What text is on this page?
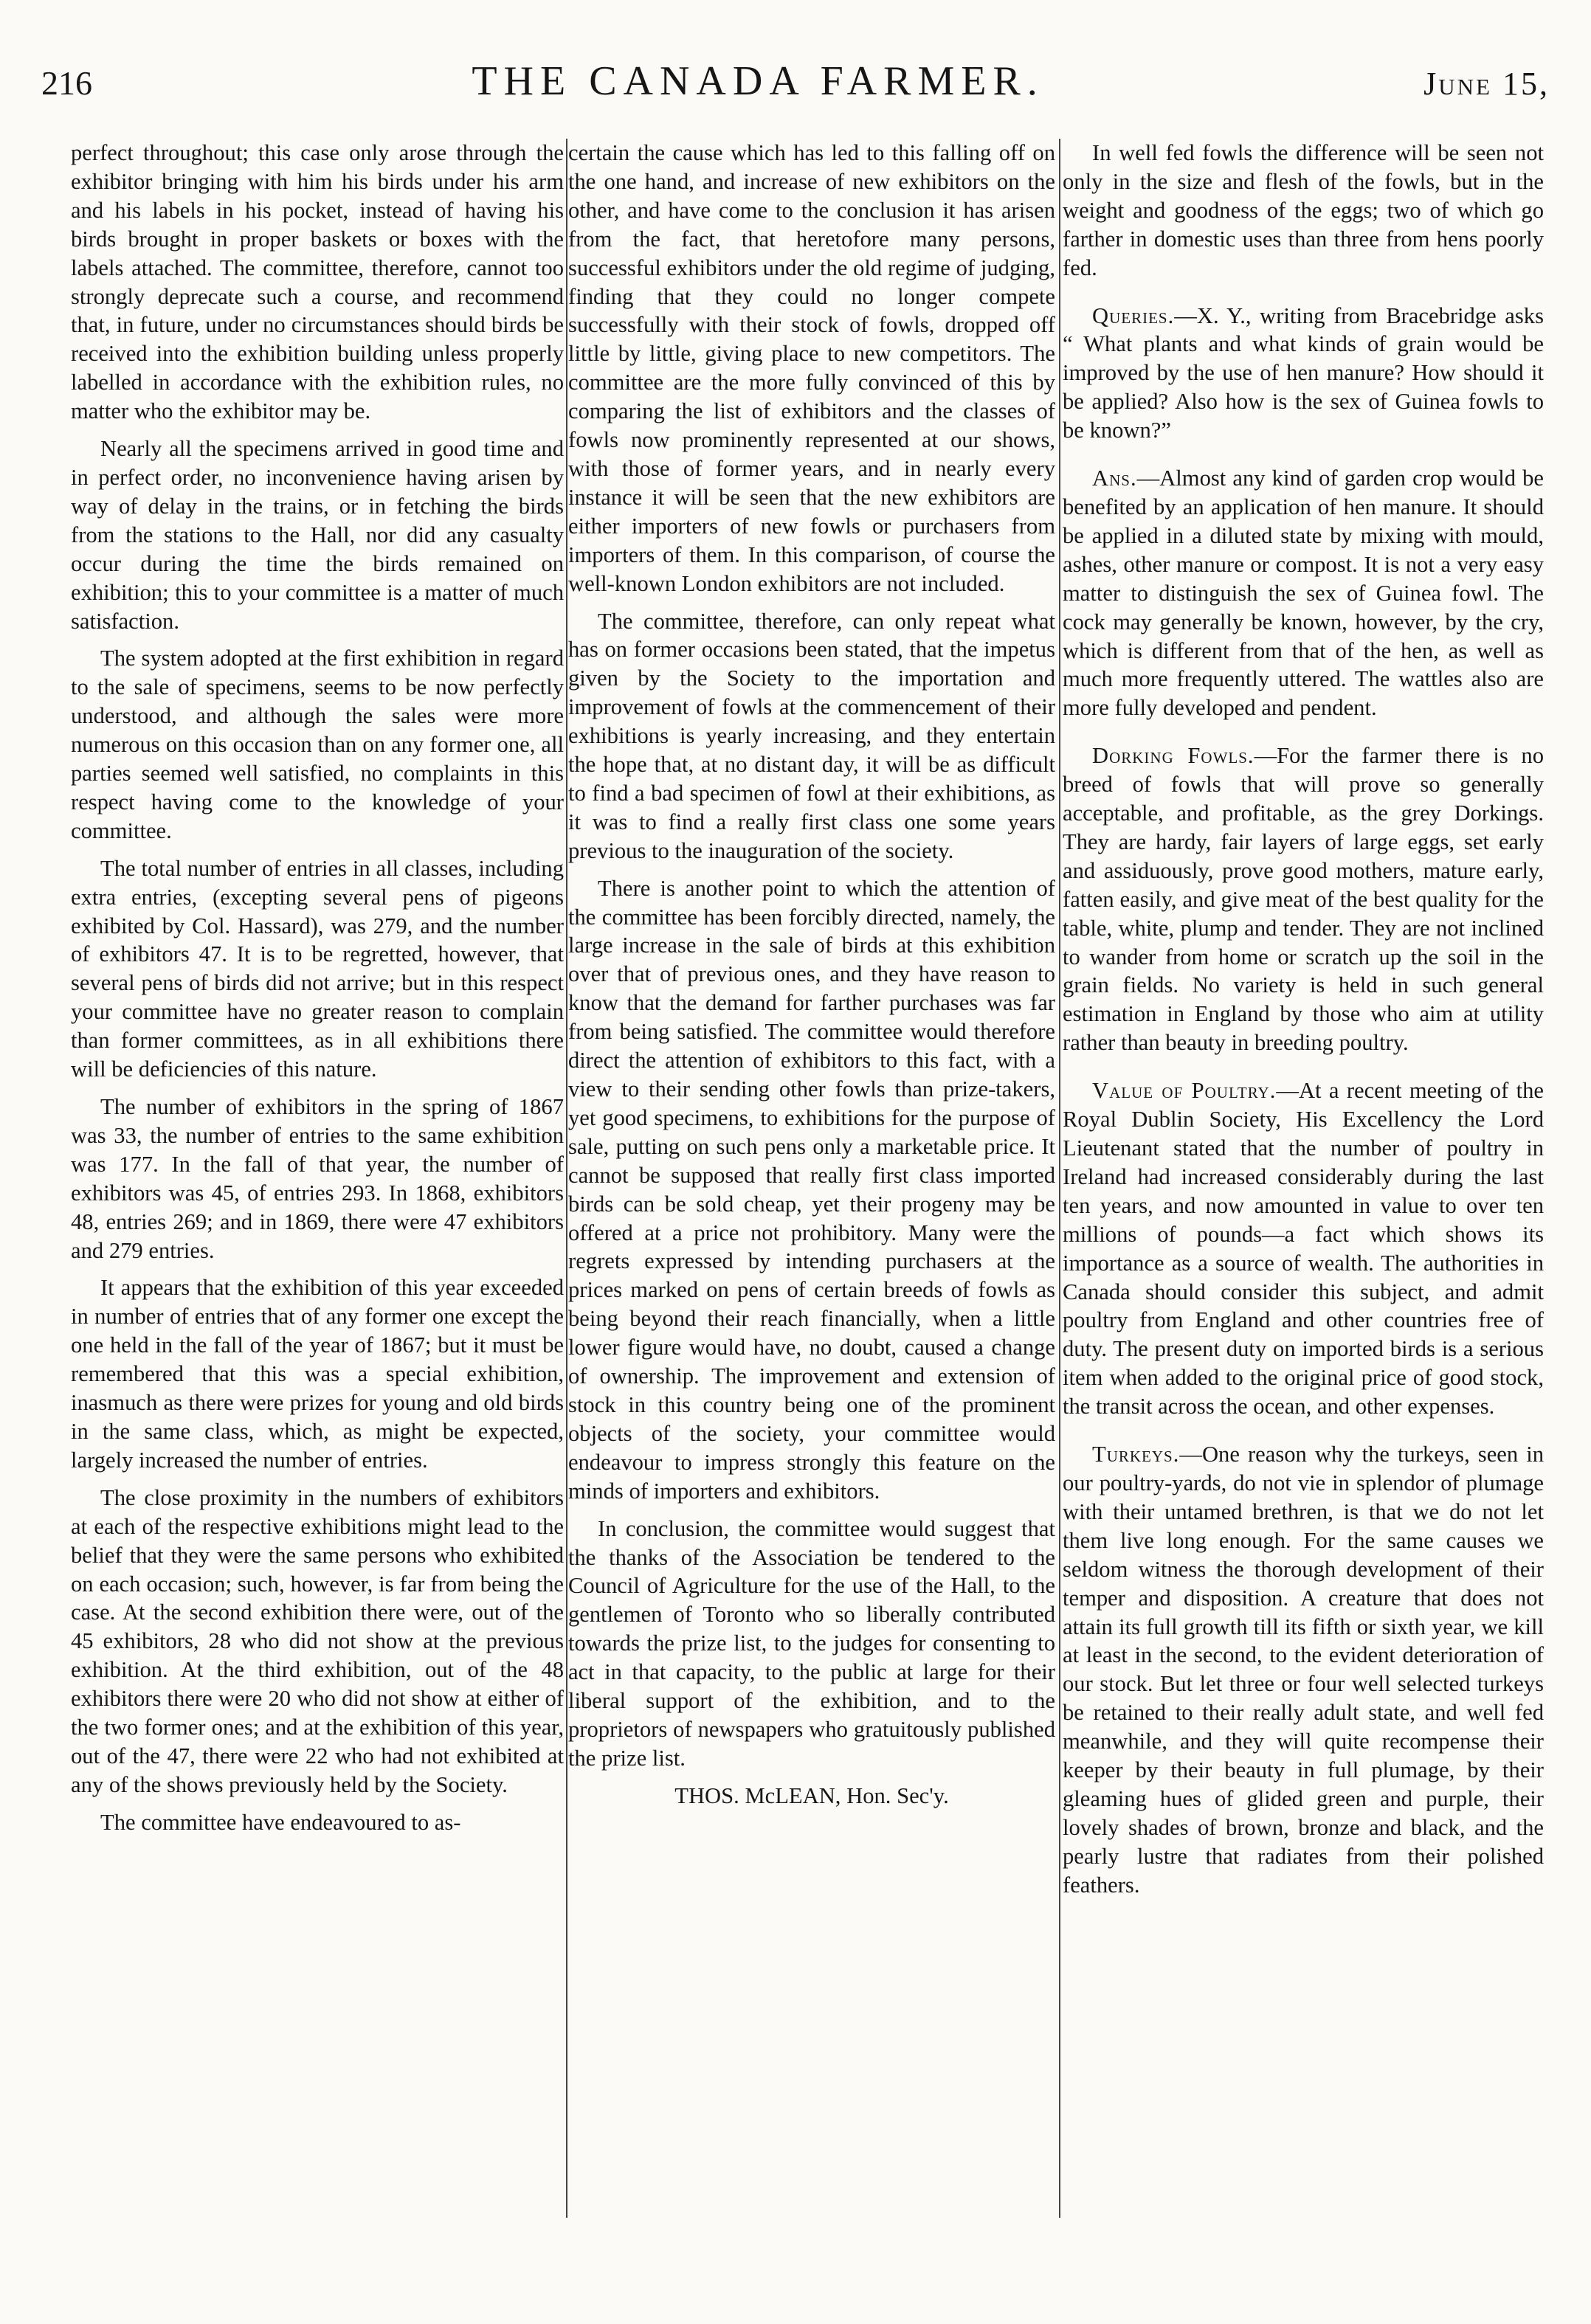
216	THE CANADA FARMER.	June 15,

perfect throughout; this case only arose through the exhibitor bringing with him his birds under his arm and his labels in his pocket, instead of having his birds brought in proper baskets or boxes with the labels attached. The committee, therefore, cannot too strongly deprecate such a course, and recommend that, in future, under no circumstances should birds be received into the exhibition building unless properly labelled in accordance with the exhibition rules, no matter who the exhibitor may be.

Nearly all the specimens arrived in good time and in perfect order, no inconvenience having arisen by way of delay in the trains, or in fetching the birds from the stations to the Hall, nor did any casualty occur during the time the birds remained on exhibition; this to your committee is a matter of much satisfaction.

The system adopted at the first exhibition in regard to the sale of specimens, seems to be now perfectly understood, and although the sales were more numerous on this occasion than on any former one, all parties seemed well satisfied, no complaints in this respect having come to the knowledge of your committee.

The total number of entries in all classes, including extra entries, (excepting several pens of pigeons exhibited by Col. Hassard), was 279, and the number of exhibitors 47. It is to be regretted, however, that several pens of birds did not arrive; but in this respect your committee have no greater reason to complain than former committees, as in all exhibitions there will be deficiencies of this nature.

The number of exhibitors in the spring of 1867 was 33, the number of entries to the same exhibition was 177. In the fall of that year, the number of exhibitors was 45, of entries 293. In 1868, exhibitors 48, entries 269; and in 1869, there were 47 exhibitors and 279 entries.

It appears that the exhibition of this year exceeded in number of entries that of any former one except the one held in the fall of the year of 1867; but it must be remembered that this was a special exhibition, inasmuch as there were prizes for young and old birds in the same class, which, as might be expected, largely increased the number of entries.

The close proximity in the numbers of exhibitors at each of the respective exhibitions might lead to the belief that they were the same persons who exhibited on each occasion; such, however, is far from being the case. At the second exhibition there were, out of the 45 exhibitors, 28 who did not show at the previous exhibition. At the third exhibition, out of the 48 exhibitors there were 20 who did not show at either of the two former ones; and at the exhibition of this year, out of the 47, there were 22 who had not exhibited at any of the shows previously held by the Society.

The committee have endeavoured to as-

certain the cause which has led to this falling off on the one hand, and increase of new exhibitors on the other, and have come to the conclusion it has arisen from the fact, that heretofore many persons, successful exhibitors under the old regime of judging, finding that they could no longer compete successfully with their stock of fowls, dropped off little by little, giving place to new competitors. The committee are the more fully convinced of this by comparing the list of exhibitors and the classes of fowls now prominently represented at our shows, with those of former years, and in nearly every instance it will be seen that the new exhibitors are either importers of new fowls or purchasers from importers of them. In this comparison, of course the well-known London exhibitors are not included.

The committee, therefore, can only repeat what has on former occasions been stated, that the impetus given by the Society to the importation and improvement of fowls at the commencement of their exhibitions is yearly increasing, and they entertain the hope that, at no distant day, it will be as difficult to find a bad specimen of fowl at their exhibitions, as it was to find a really first class one some years previous to the inauguration of the society.

There is another point to which the attention of the committee has been forcibly directed, namely, the large increase in the sale of birds at this exhibition over that of previous ones, and they have reason to know that the demand for farther purchases was far from being satisfied. The committee would therefore direct the attention of exhibitors to this fact, with a view to their sending other fowls than prize-takers, yet good specimens, to exhibitions for the purpose of sale, putting on such pens only a marketable price. It cannot be supposed that really first class imported birds can be sold cheap, yet their progeny may be offered at a price not prohibitory. Many were the regrets expressed by intending purchasers at the prices marked on pens of certain breeds of fowls as being beyond their reach financially, when a little lower figure would have, no doubt, caused a change of ownership. The improvement and extension of stock in this country being one of the prominent objects of the society, your committee would endeavour to impress strongly this feature on the minds of importers and exhibitors.

In conclusion, the committee would suggest that the thanks of the Association be tendered to the Council of Agriculture for the use of the Hall, to the gentlemen of Toronto who so liberally contributed towards the prize list, to the judges for consenting to act in that capacity, to the public at large for their liberal support of the exhibition, and to the proprietors of newspapers who gratuitously published the prize list.

THOS. McLEAN, Hon. Sec'y.

In well fed fowls the difference will be seen not only in the size and flesh of the fowls, but in the weight and goodness of the eggs; two of which go farther in domestic uses than three from hens poorly fed.

Queries.—X. Y., writing from Bracebridge asks “ What plants and what kinds of grain would be improved by the use of hen manure? How should it be applied? Also how is the sex of Guinea fowls to be known?”

Ans.—Almost any kind of garden crop would be benefited by an application of hen manure. It should be applied in a diluted state by mixing with mould, ashes, other manure or compost. It is not a very easy matter to distinguish the sex of Guinea fowl. The cock may generally be known, however, by the cry, which is different from that of the hen, as well as much more frequently uttered. The wattles also are more fully developed and pendent.

Dorking Fowls.—For the farmer there is no breed of fowls that will prove so generally acceptable, and profitable, as the grey Dorkings. They are hardy, fair layers of large eggs, set early and assiduously, prove good mothers, mature early, fatten easily, and give meat of the best quality for the table, white, plump and tender. They are not inclined to wander from home or scratch up the soil in the grain fields. No variety is held in such general estimation in England by those who aim at utility rather than beauty in breeding poultry.

Value of Poultry.—At a recent meeting of the Royal Dublin Society, His Excellency the Lord Lieutenant stated that the number of poultry in Ireland had increased considerably during the last ten years, and now amounted in value to over ten millions of pounds—a fact which shows its importance as a source of wealth. The authorities in Canada should consider this subject, and admit poultry from England and other countries free of duty. The present duty on imported birds is a serious item when added to the original price of good stock, the transit across the ocean, and other expenses.

Turkeys.—One reason why the turkeys, seen in our poultry-yards, do not vie in splendor of plumage with their untamed brethren, is that we do not let them live long enough. For the same causes we seldom witness the thorough development of their temper and disposition. A creature that does not attain its full growth till its fifth or sixth year, we kill at least in the second, to the evident deterioration of our stock. But let three or four well selected turkeys be retained to their really adult state, and well fed meanwhile, and they will quite recompense their keeper by their beauty in full plumage, by their gleaming hues of glided green and purple, their lovely shades of brown, bronze and black, and the pearly lustre that radiates from their polished feathers.
